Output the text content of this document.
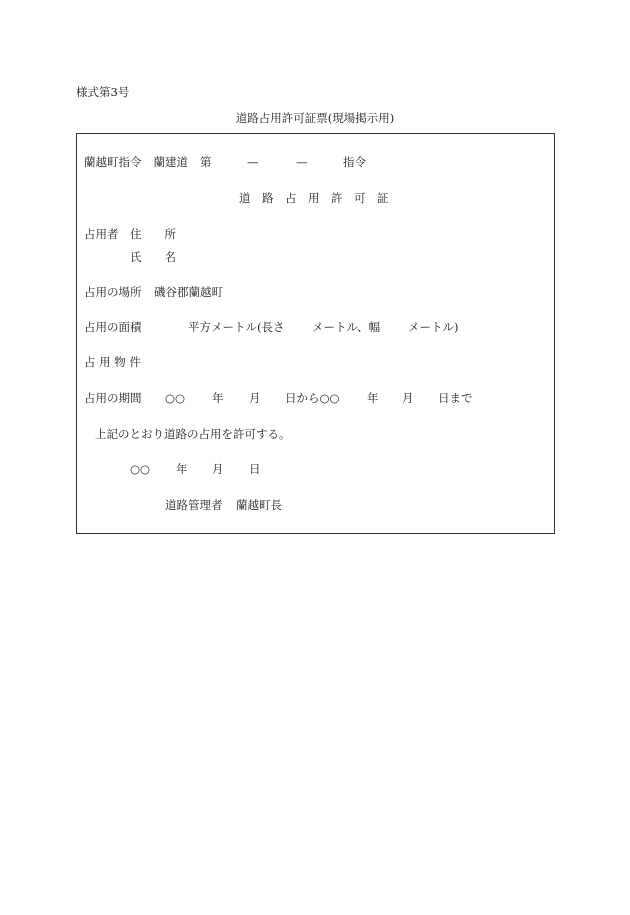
様式第3号
道路占用許可証票(現場掲示用)
蘭越町指令 蘭建道 第	—	—	指令
道　路　占　用　許　可　証
占用者 住　　所
氏　　名
占用の場所 磯谷郡蘭越町
占用の面積	平方メートル(長さ メートル、幅 メートル)
占 用 物 件
占用の期間 ○○ 年 月 日から○○ 年 月 日まで
上記のとおり道路の占用を許可する。
○○ 年 月 日
道路管理者 蘭越町長
